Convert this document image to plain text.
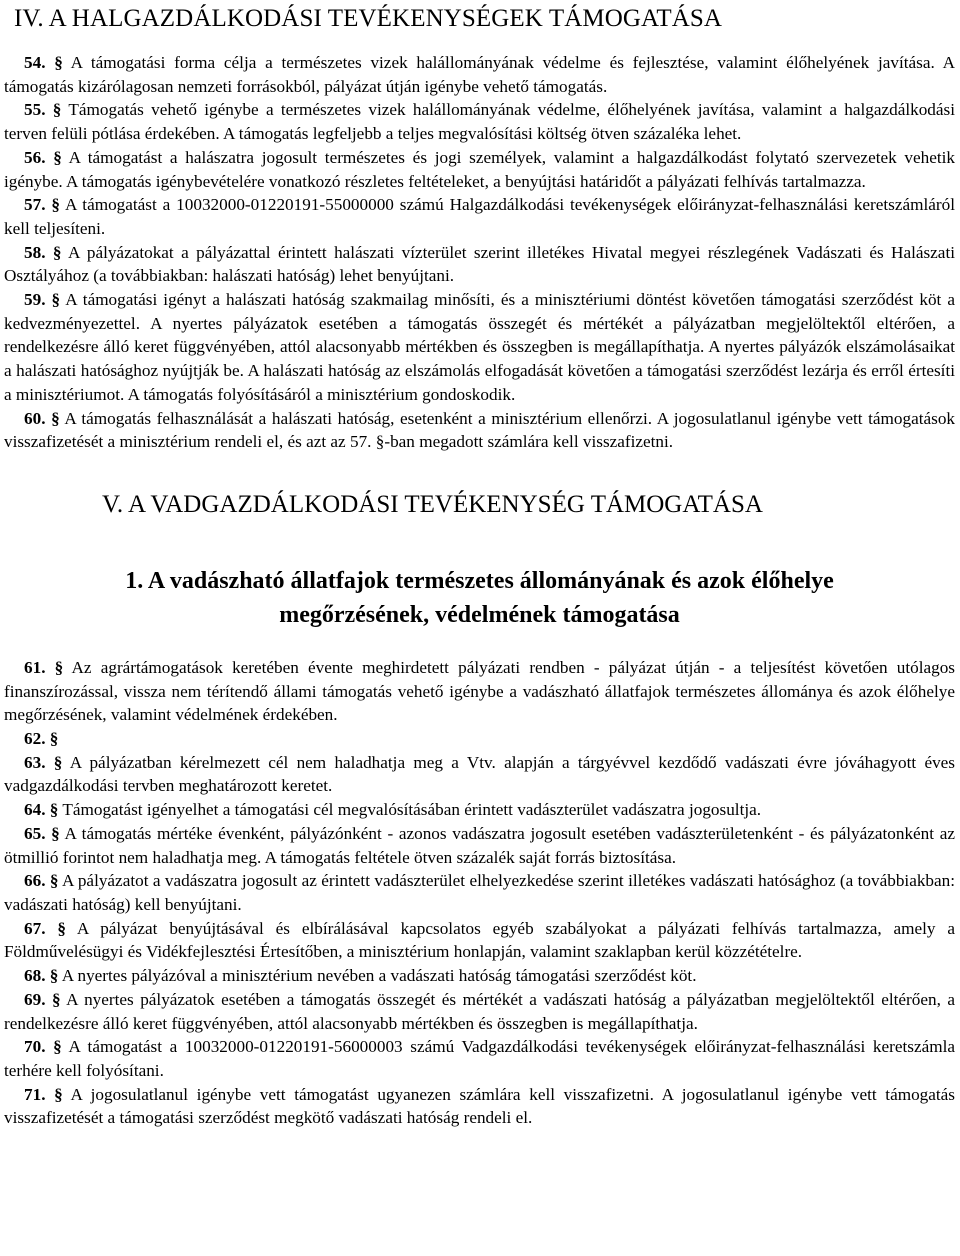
IV. A HALGAZDÁLKODÁSI TEVÉKENYSÉGEK TÁMOGATÁSA

54. § A támogatási forma célja a természetes vizek halállományának védelme és fejlesztése, valamint élőhelyének javítása. A támogatás kizárólagosan nemzeti forrásokból, pályázat útján igénybe vehető támogatás.

55. § Támogatás vehető igénybe a természetes vizek halállományának védelme, élőhelyének javítása, valamint a halgazdálkodási terven felüli pótlása érdekében. A támogatás legfeljebb a teljes megvalósítási költség ötven százaléka lehet.

56. § A támogatást a halászatra jogosult természetes és jogi személyek, valamint a halgazdálkodást folytató szervezetek vehetik igénybe. A támogatás igénybevételére vonatkozó részletes feltételeket, a benyújtási határidőt a pályázati felhívás tartalmazza.

57. § A támogatást a 10032000-01220191-55000000 számú Halgazdálkodási tevékenységek előirányzat-felhasználási keretszámláról kell teljesíteni.

58. § A pályázatokat a pályázattal érintett halászati vízterület szerint illetékes Hivatal megyei részlegének Vadászati és Halászati Osztályához (a továbbiakban: halászati hatóság) lehet benyújtani.

59. § A támogatási igényt a halászati hatóság szakmailag minősíti, és a minisztériumi döntést követően támogatási szerződést köt a kedvezményezettel. A nyertes pályázatok esetében a támogatás összegét és mértékét a pályázatban megjelöltektől eltérően, a rendelkezésre álló keret függvényében, attól alacsonyabb mértékben és összegben is megállapíthatja. A nyertes pályázók elszámolásaikat a halászati hatósághoz nyújtják be. A halászati hatóság az elszámolás elfogadását követően a támogatási szerződést lezárja és erről értesíti a minisztériumot. A támogatás folyósításáról a minisztérium gondoskodik.

60. § A támogatás felhasználását a halászati hatóság, esetenként a minisztérium ellenőrzi. A jogosulatlanul igénybe vett támogatások visszafizetését a minisztérium rendeli el, és azt az 57. §-ban megadott számlára kell visszafizetni.

V. A VADGAZDÁLKODÁSI TEVÉKENYSÉG TÁMOGATÁSA
1. A vadászható állatfajok természetes állományának és azok élőhelye megőrzésének, védelmének támogatása

61. § Az agrártámogatások keretében évente meghirdetett pályázati rendben - pályázat útján - a teljesítést követően utólagos finanszírozással, vissza nem térítendő állami támogatás vehető igénybe a vadászható állatfajok természetes állománya és azok élőhelye megőrzésének, valamint védelmének érdekében.

62. §

63. § A pályázatban kérelmezett cél nem haladhatja meg a Vtv. alapján a tárgyévvel kezdődő vadászati évre jóváhagyott éves vadgazdálkodási tervben meghatározott keretet.

64. § Támogatást igényelhet a támogatási cél megvalósításában érintett vadászterület vadászatra jogosultja.

65. § A támogatás mértéke évenként, pályázónként - azonos vadászatra jogosult esetében vadászterületenként - és pályázatonként az ötmillió forintot nem haladhatja meg. A támogatás feltétele ötven százalék saját forrás biztosítása.

66. § A pályázatot a vadászatra jogosult az érintett vadászterület elhelyezkedése szerint illetékes vadászati hatósághoz (a továbbiakban: vadászati hatóság) kell benyújtani.

67. § A pályázat benyújtásával és elbírálásával kapcsolatos egyéb szabályokat a pályázati felhívás tartalmazza, amely a Földművelésügyi és Vidékfejlesztési Értesítőben, a minisztérium honlapján, valamint szaklapban kerül közzétételre.

68. § A nyertes pályázóval a minisztérium nevében a vadászati hatóság támogatási szerződést köt.

69. § A nyertes pályázatok esetében a támogatás összegét és mértékét a vadászati hatóság a pályázatban megjelöltektől eltérően, a rendelkezésre álló keret függvényében, attól alacsonyabb mértékben és összegben is megállapíthatja.

70. § A támogatást a 10032000-01220191-56000003 számú Vadgazdálkodási tevékenységek előirányzat-felhasználási keretszámla terhére kell folyósítani.

71. § A jogosulatlanul igénybe vett támogatást ugyanezen számlára kell visszafizetni. A jogosulatlanul igénybe vett támogatás visszafizetését a támogatási szerződést megkötő vadászati hatóság rendeli el.
